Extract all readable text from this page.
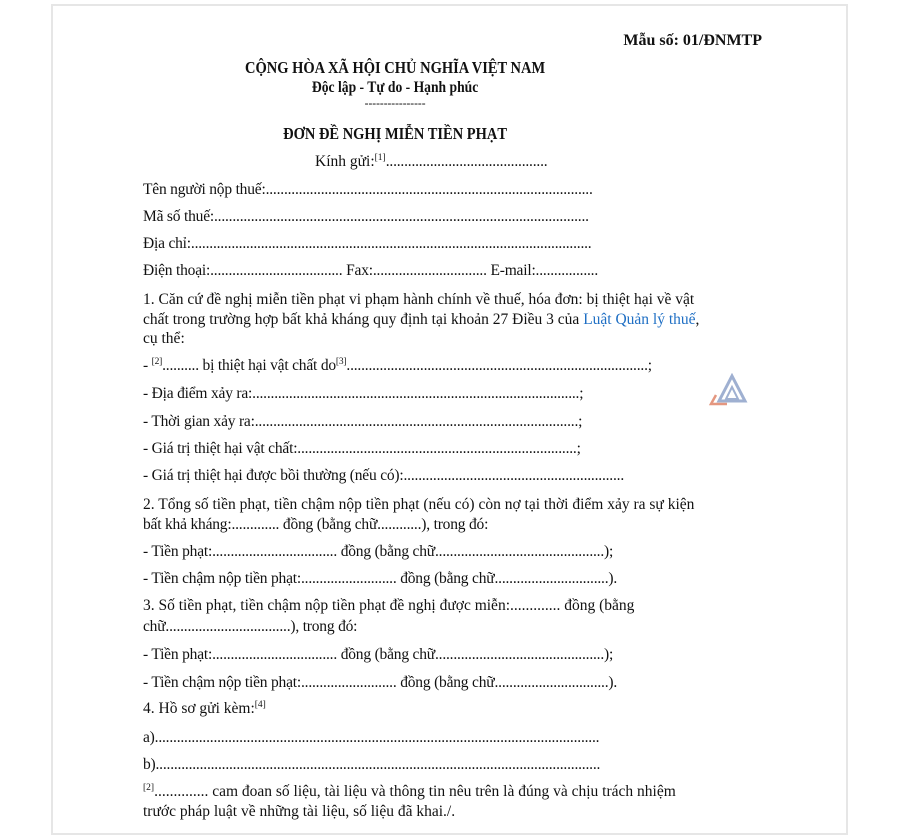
Mẫu số: 01/ĐNMTP
CỘNG HÒA XÃ HỘI CHỦ NGHĨA VIỆT NAM
Độc lập - Tự do - Hạnh phúc
----------------
ĐƠN ĐỀ NGHỊ MIỄN TIỀN PHẠT
Kính gửi:[1]............................................
Tên người nộp thuế:.........................................................................................
Mã số thuế:......................................................................................................
Địa chỉ:.............................................................................................................
Điện thoại:.................................... Fax:............................... E-mail:.................
1. Căn cứ đề nghị miễn tiền phạt vi phạm hành chính về thuế, hóa đơn: bị thiệt hại về vật
chất trong trường hợp bất khả kháng quy định tại khoản 27 Điều 3 của Luật Quản lý thuế,
cụ thể:
- [2].......... bị thiệt hại vật chất do[3]..................................................................................;
- Địa điểm xảy ra:.........................................................................................;
- Thời gian xảy ra:........................................................................................;
- Giá trị thiệt hại vật chất:............................................................................;
- Giá trị thiệt hại được bồi thường (nếu có):............................................................
2. Tổng số tiền phạt, tiền chậm nộp tiền phạt (nếu có) còn nợ tại thời điểm xảy ra sự kiện
bất khả kháng:............. đồng (bằng chữ............), trong đó:
- Tiền phạt:.................................. đồng (bằng chữ..............................................);
- Tiền chậm nộp tiền phạt:.......................... đồng (bằng chữ...............................).
3. Số tiền phạt, tiền chậm nộp tiền phạt đề nghị được miễn:............. đồng (bằng
chữ..................................), trong đó:
- Tiền phạt:.................................. đồng (bằng chữ..............................................);
- Tiền chậm nộp tiền phạt:.......................... đồng (bằng chữ...............................).
4. Hồ sơ gửi kèm:[4]
a).........................................................................................................................
b).........................................................................................................................
[2].............. cam đoan số liệu, tài liệu và thông tin nêu trên là đúng và chịu trách nhiệm
trước pháp luật về những tài liệu, số liệu đã khai./.
